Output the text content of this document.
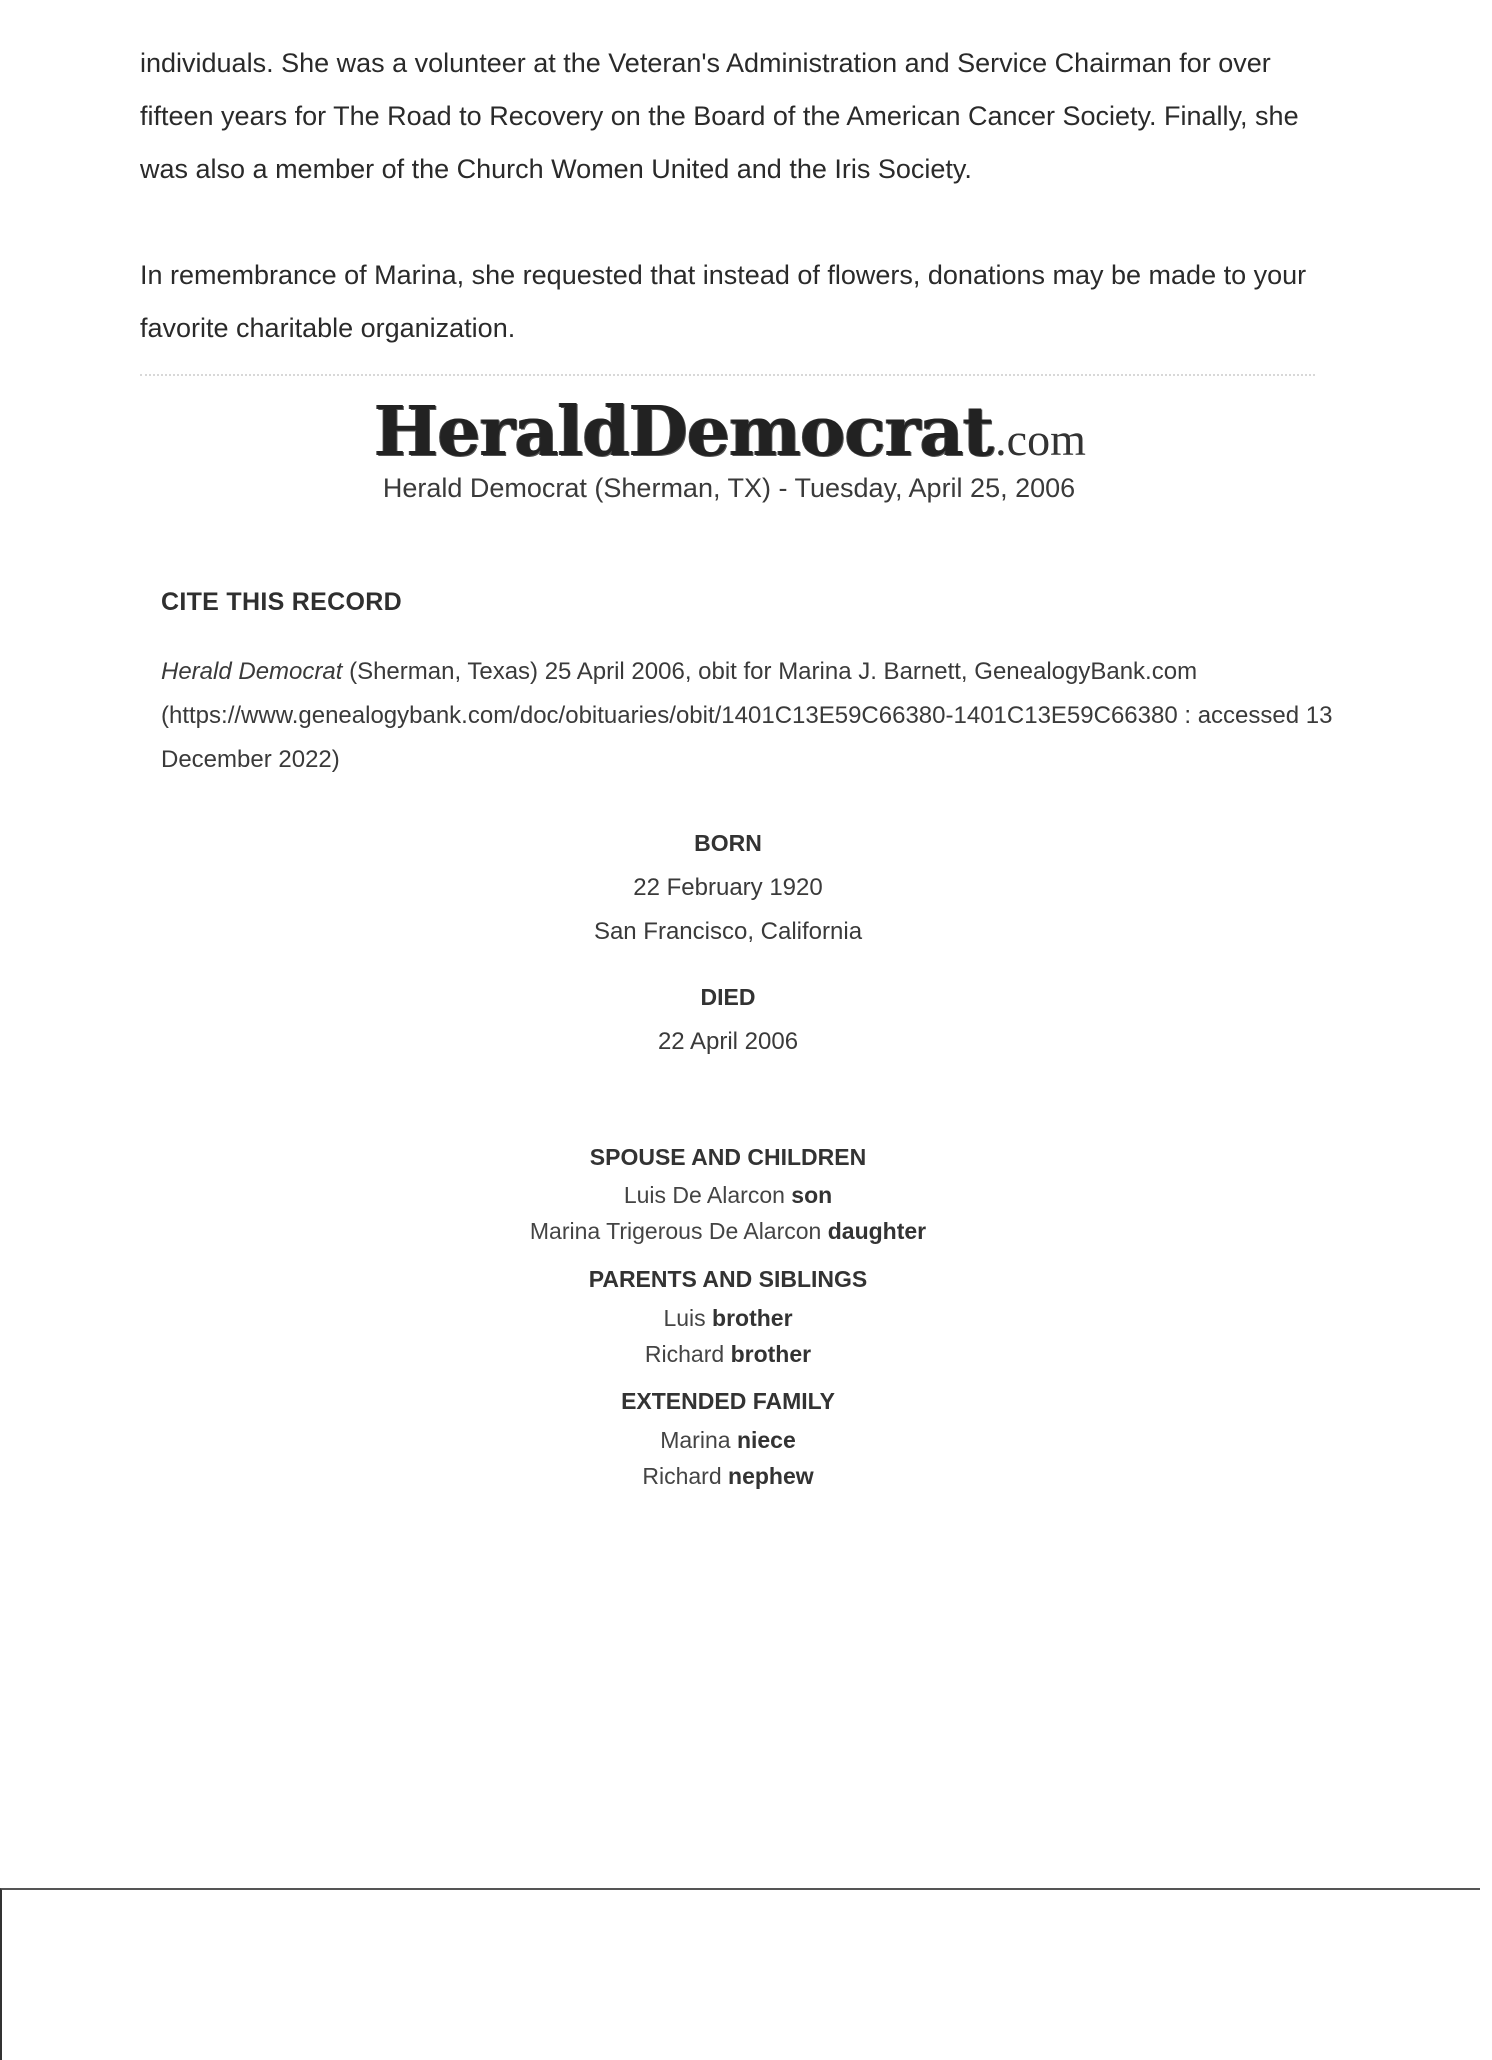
individuals. She was a volunteer at the Veteran's Administration and Service Chairman for over fifteen years for The Road to Recovery on the Board of the American Cancer Society. Finally, she was also a member of the Church Women United and the Iris Society.

In remembrance of Marina, she requested that instead of flowers, donations may be made to your favorite charitable organization.

HeraldDemocrat.com
Herald Democrat (Sherman, TX) - Tuesday, April 25, 2006
CITE THIS RECORD
Herald Democrat (Sherman, Texas) 25 April 2006, obit for Marina J. Barnett, GenealogyBank.com (https://www.genealogybank.com/doc/obituaries/obit/1401C13E59C66380-1401C13E59C66380 : accessed 13 December 2022)
BORN
22 February 1920
San Francisco, California
DIED
22 April 2006
SPOUSE AND CHILDREN
Luis De Alarcon son
Marina Trigerous De Alarcon daughter
PARENTS AND SIBLINGS
Luis brother
Richard brother
EXTENDED FAMILY
Marina niece
Richard nephew
